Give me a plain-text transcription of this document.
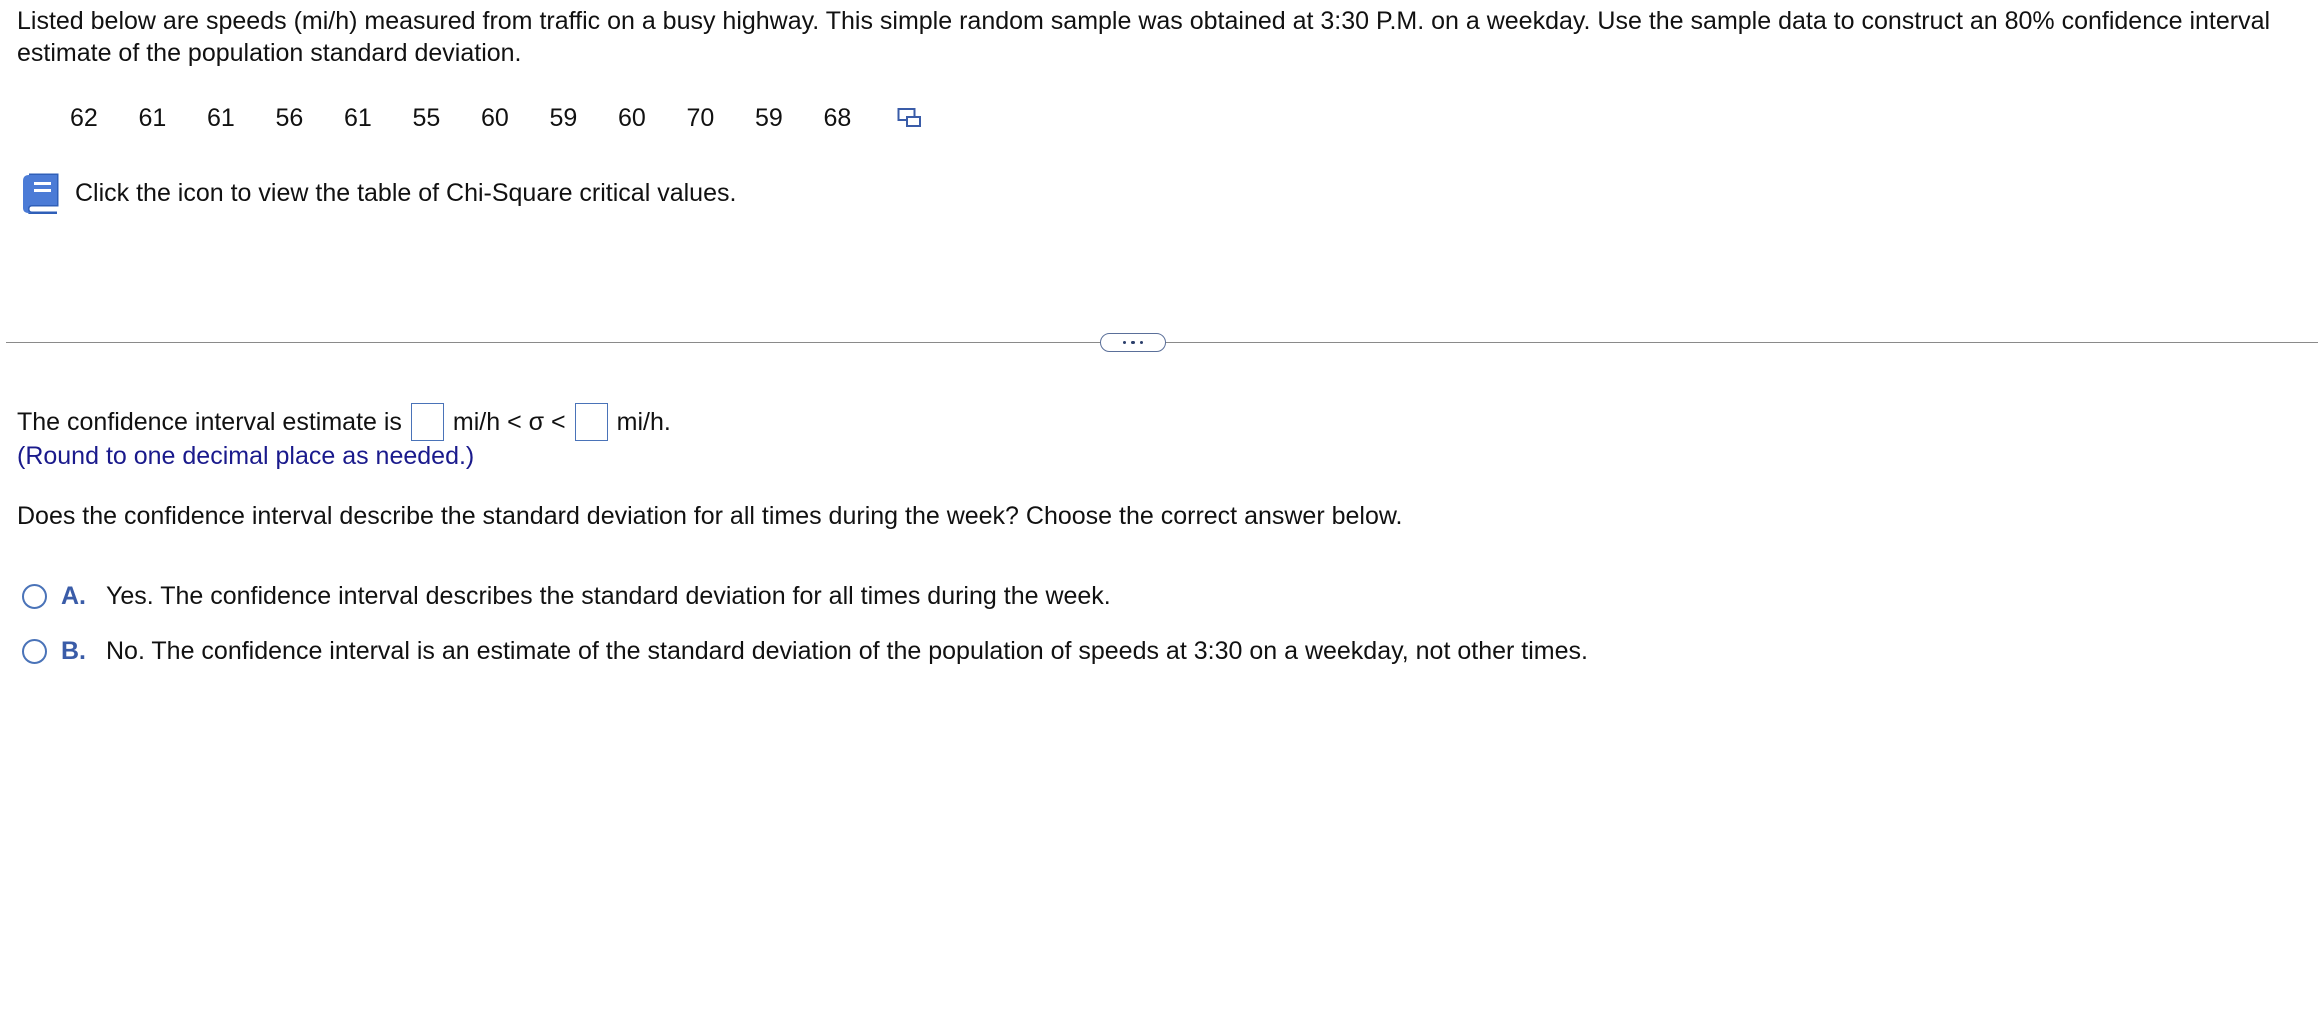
Listed below are speeds (mi/h) measured from traffic on a busy highway. This simple random sample was obtained at 3:30 P.M. on a weekday. Use the sample data to construct an 80% confidence interval estimate of the population standard deviation.

62	61	61	56	61	55	60	59	60	70	59	68
Click the icon to view the table of Chi-Square critical values.
The confidence interval estimate is mi/h < σ < mi/h.
(Round to one decimal place as needed.)
Does the confidence interval describe the standard deviation for all times during the week? Choose the correct answer below.
A. Yes. The confidence interval describes the standard deviation for all times during the week.
B. No. The confidence interval is an estimate of the standard deviation of the population of speeds at 3:30 on a weekday, not other times.
